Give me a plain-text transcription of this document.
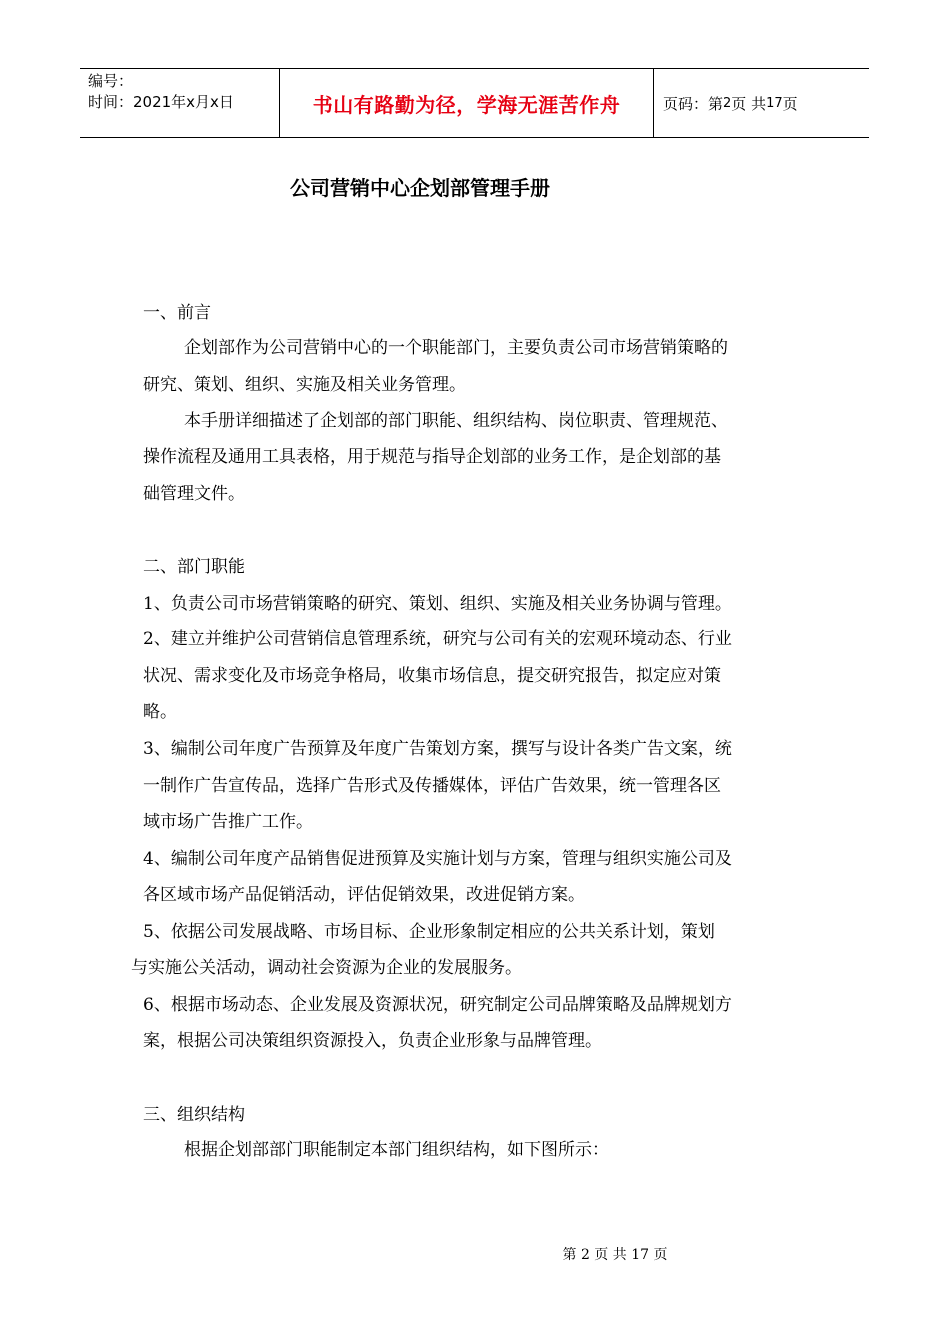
编号：
时间：2021年x月x日	书山有路勤为径，学海无涯苦作舟	页码：第 2 页 共 17 页
公司营销中心企划部管理手册
一、前言
企划部作为公司营销中心的一个职能部门，主要负责公司市场营销策略的
研究、策划、组织、实施及相关业务管理。
本手册详细描述了企划部的部门职能、组织结构、岗位职责、管理规范、
操作流程及通用工具表格，用于规范与指导企划部的业务工作，是企划部的基
础管理文件。
二、部门职能
1、负责公司市场营销策略的研究、策划、组织、实施及相关业务协调与管理。
2、建立并维护公司营销信息管理系统，研究与公司有关的宏观环境动态、行业
状况、需求变化及市场竞争格局，收集市场信息，提交研究报告，拟定应对策
略。
3、编制公司年度广告预算及年度广告策划方案，撰写与设计各类广告文案，统
一制作广告宣传品，选择广告形式及传播媒体，评估广告效果，统一管理各区
域市场广告推广工作。
4、编制公司年度产品销售促进预算及实施计划与方案，管理与组织实施公司及
各区域市场产品促销活动，评估促销效果，改进促销方案。
5、依据公司发展战略、市场目标、企业形象制定相应的公共关系计划，策划
与实施公关活动，调动社会资源为企业的发展服务。
6、根据市场动态、企业发展及资源状况，研究制定公司品牌策略及品牌规划方
案，根据公司决策组织资源投入，负责企业形象与品牌管理。
三、组织结构
根据企划部部门职能制定本部门组织结构，如下图所示：
第 2 页 共 17 页
